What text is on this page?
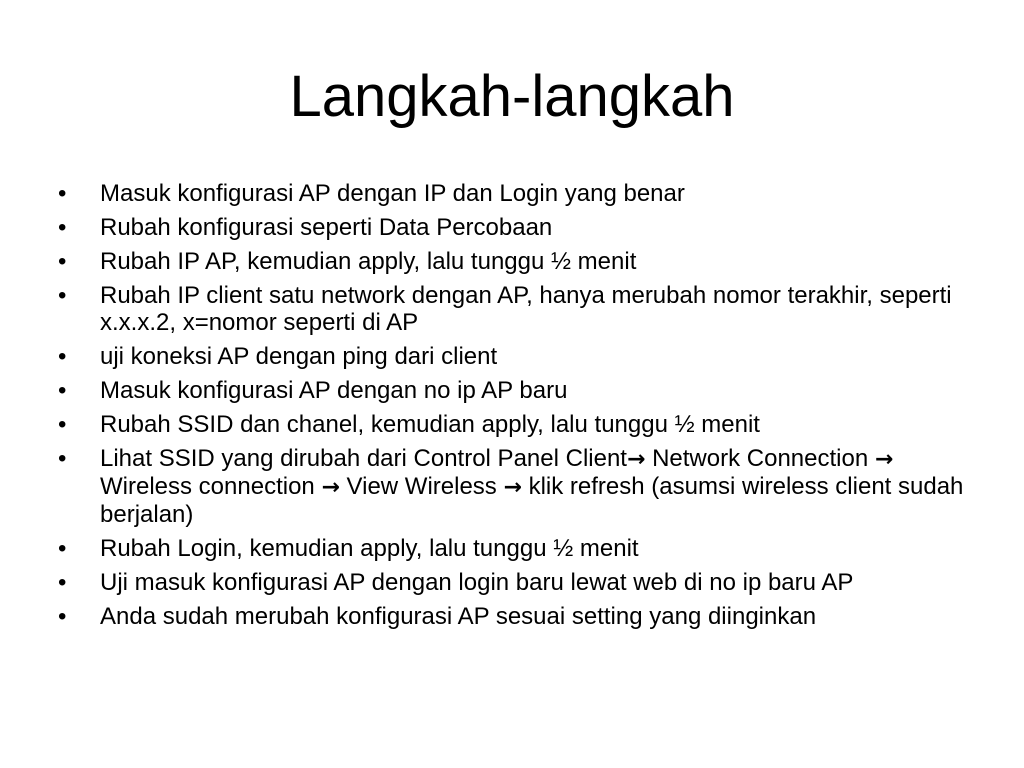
Langkah-langkah
•	Masuk konfigurasi AP dengan IP dan Login yang benar
•	Rubah konfigurasi seperti Data Percobaan
•	Rubah IP AP, kemudian apply, lalu tunggu ½ menit
•	Rubah IP client satu network dengan AP, hanya merubah nomor terakhir, seperti x.x.x.2, x=nomor seperti di AP
•	uji koneksi AP dengan ping dari client
•	Masuk konfigurasi AP dengan no ip AP baru
•	Rubah SSID dan chanel, kemudian apply, lalu tunggu ½ menit
•	Lihat SSID yang dirubah dari Control Panel Client→ Network Connection → Wireless connection → View Wireless → klik refresh (asumsi wireless client sudah berjalan)
•	Rubah Login, kemudian apply, lalu tunggu ½ menit
•	Uji masuk konfigurasi AP dengan login baru lewat web di no ip baru AP
•	Anda sudah merubah konfigurasi AP sesuai setting yang diinginkan
